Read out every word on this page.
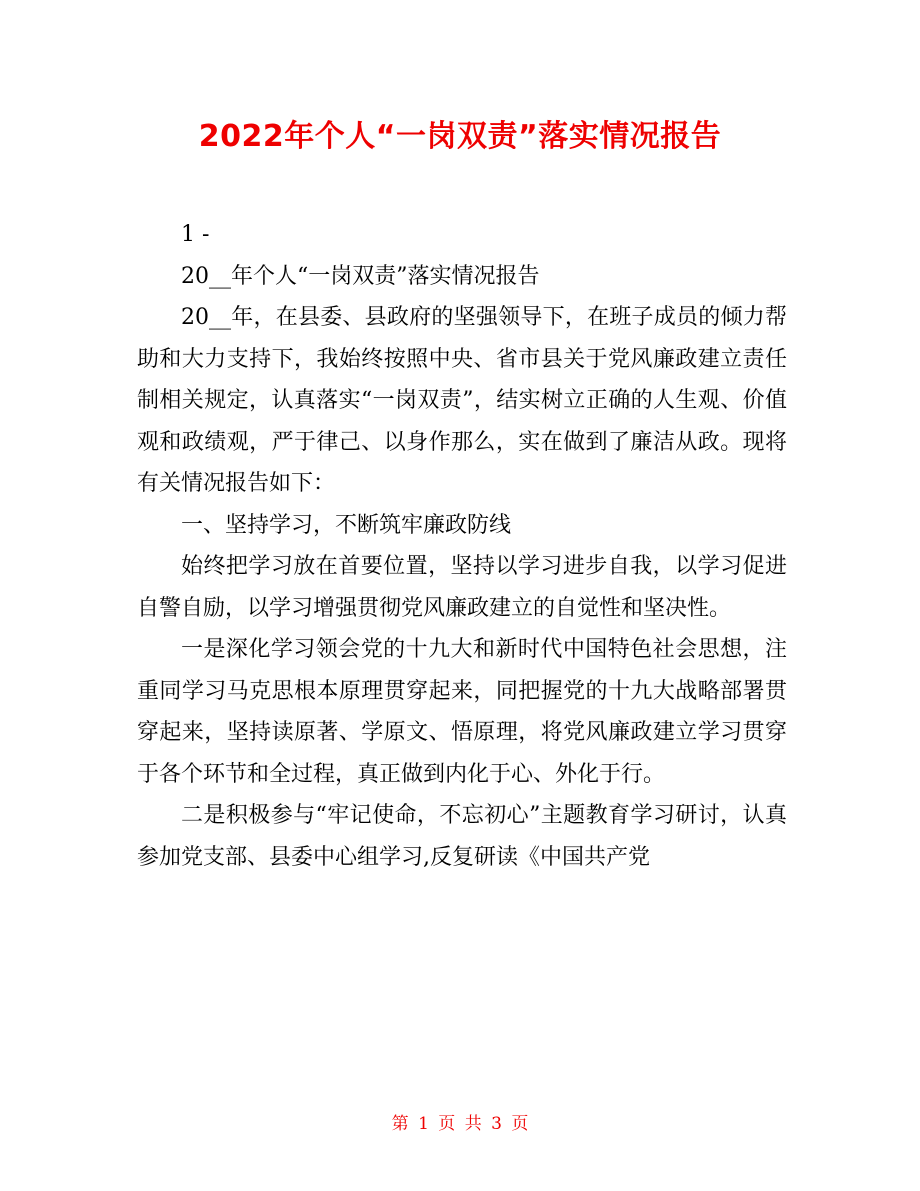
2022年个人“一岗双责”落实情况报告

1 -

20__年个人“一岗双责”落实情况报告

20__年，在县委、县政府的坚强领导下，在班子成员的倾力帮助和大力支持下，我始终按照中央、省市县关于党风廉政建立责任制相关规定，认真落实“一岗双责”，结实树立正确的人生观、价值观和政绩观，严于律己、以身作那么，实在做到了廉洁从政。现将有关情况报告如下：

一、坚持学习，不断筑牢廉政防线

始终把学习放在首要位置，坚持以学习进步自我，以学习促进自警自励，以学习增强贯彻党风廉政建立的自觉性和坚决性。

一是深化学习领会党的十九大和新时代中国特色社会思想，注重同学习马克思根本原理贯穿起来，同把握党的十九大战略部署贯穿起来，坚持读原著、学原文、悟原理，将党风廉政建立学习贯穿于各个环节和全过程，真正做到内化于心、外化于行。

二是积极参与“牢记使命，不忘初心”主题教育学习研讨，认真参加党支部、县委中心组学习,反复研读《中国共产党

第 1 页 共 3 页
